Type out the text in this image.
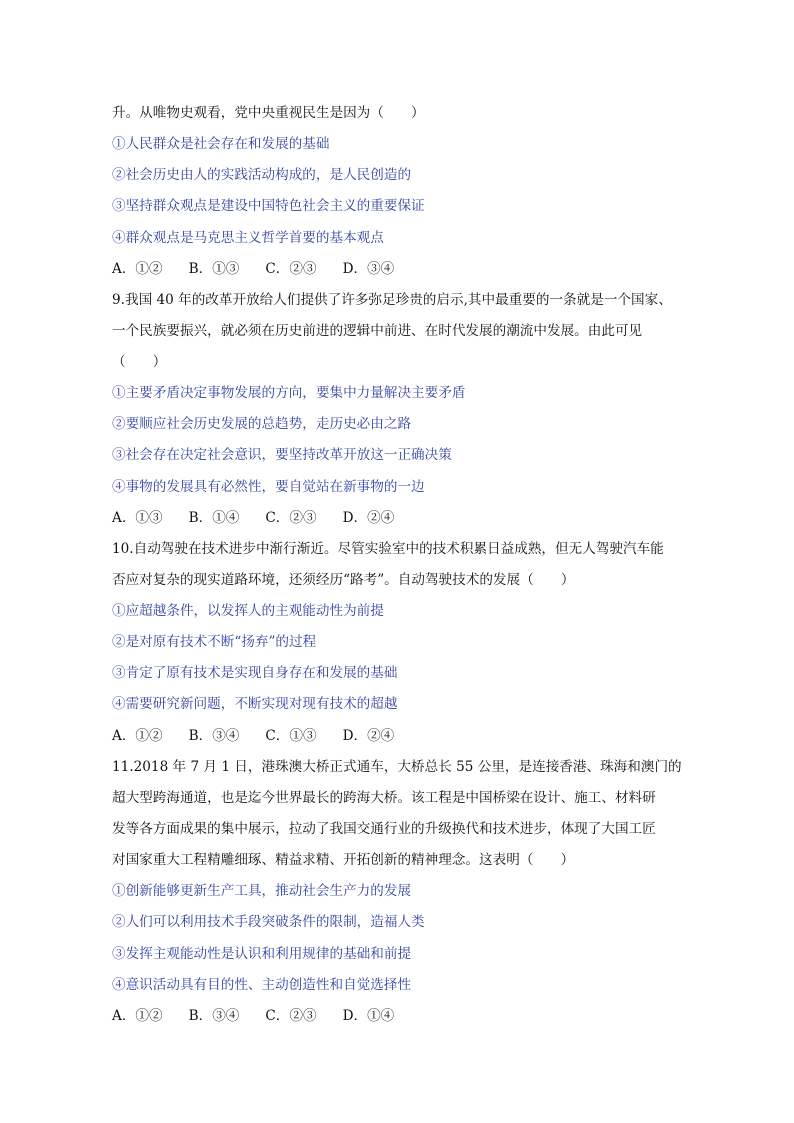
升。从唯物史观看，党中央重视民生是因为（　　）
①人民群众是社会存在和发展的基础
②社会历史由人的实践活动构成的，是人民创造的
③坚持群众观点是建设中国特色社会主义的重要保证
④群众观点是马克思主义哲学首要的基本观点
A．①② B．①③ C．②③ D．③④
9.我国 40 年的改革开放给人们提供了许多弥足珍贵的启示,其中最重要的一条就是一个国家、
一个民族要振兴，就必须在历史前进的逻辑中前进、在时代发展的潮流中发展。由此可见
（　　）
①主要矛盾决定事物发展的方向，要集中力量解决主要矛盾
②要顺应社会历史发展的总趋势，走历史必由之路
③社会存在决定社会意识，要坚持改革开放这一正确决策
④事物的发展具有必然性，要自觉站在新事物的一边
A．①③ B．①④ C．②③ D．②④
10.自动驾驶在技术进步中渐行渐近。尽管实验室中的技术积累日益成熟，但无人驾驶汽车能
否应对复杂的现实道路环境，还须经历“路考”。自动驾驶技术的发展（　　）
①应超越条件，以发挥人的主观能动性为前提
②是对原有技术不断“扬弃”的过程
③肯定了原有技术是实现自身存在和发展的基础
④需要研究新问题，不断实现对现有技术的超越
A．①② B．③④ C．①③ D．②④
11.2018 年 7 月 1 日，港珠澳大桥正式通车，大桥总长 55 公里，是连接香港、珠海和澳门的
超大型跨海通道，也是迄今世界最长的跨海大桥。该工程是中国桥梁在设计、施工、材料研
发等各方面成果的集中展示，拉动了我国交通行业的升级换代和技术进步，体现了大国工匠
对国家重大工程精雕细琢、精益求精、开拓创新的精神理念。这表明（　　）
①创新能够更新生产工具，推动社会生产力的发展
②人们可以利用技术手段突破条件的限制，造福人类
③发挥主观能动性是认识和利用规律的基础和前提
④意识活动具有目的性、主动创造性和自觉选择性
A．①② B．③④ C．②③ D．①④
